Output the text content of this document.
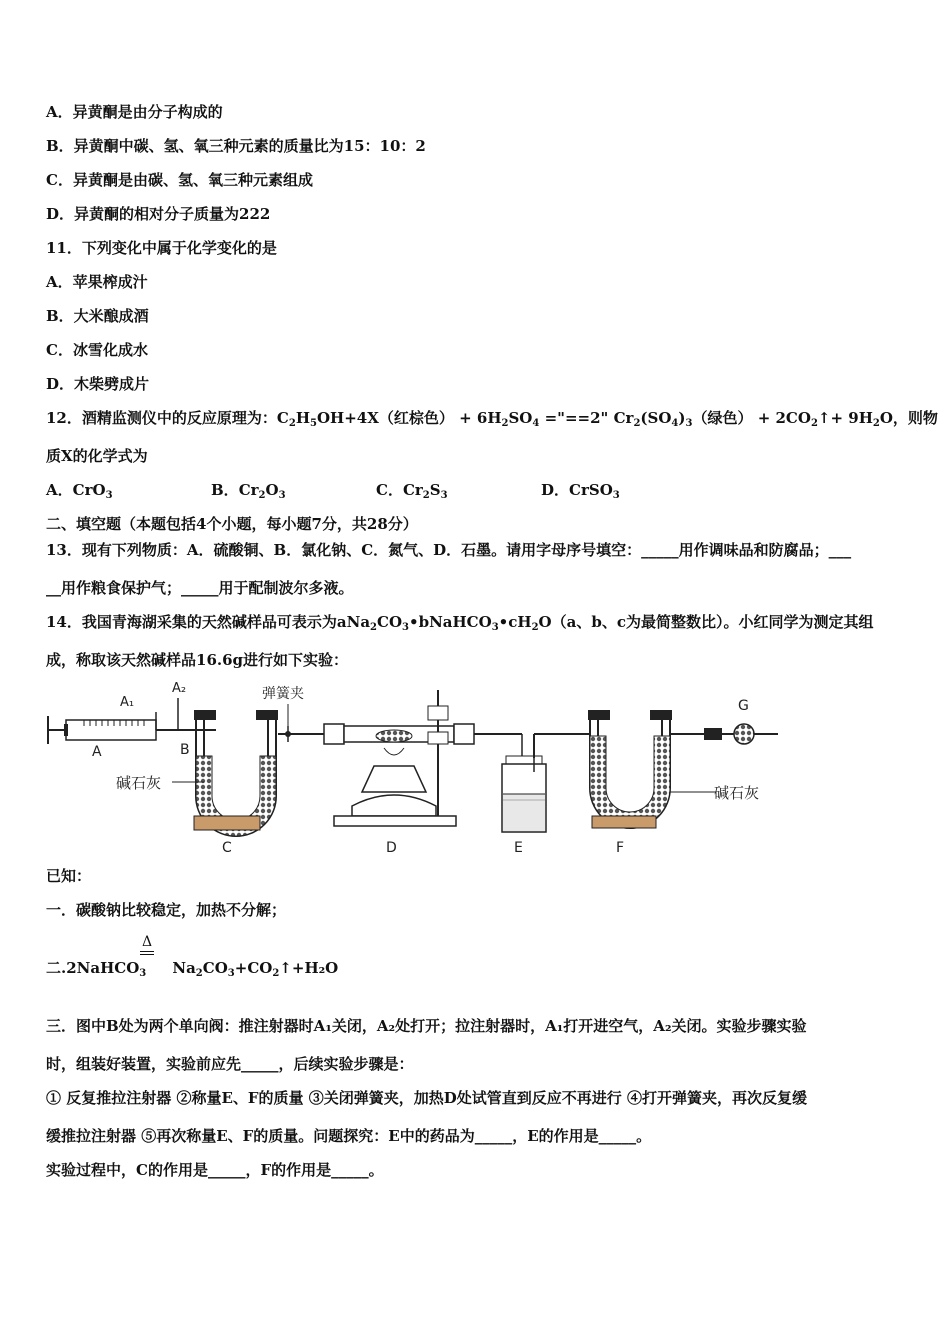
A．异黄酮是由分子构成的
B．异黄酮中碳、氢、氧三种元素的质量比为15：10：2
C．异黄酮是由碳、氢、氧三种元素组成
D．异黄酮的相对分子质量为222
11．下列变化中属于化学变化的是
A．苹果榨成汁
B．大米酿成酒
C．冰雪化成水
D．木柴劈成片
12．酒精监测仪中的反应原理为：$C_2H_5OH+4X$（红棕色） + $6H_2SO_4$ ="==2" $Cr_2(SO_4)_3$（绿色） + $2CO_2↑+ 9H_2O$，则物
质X的化学式为
A．CrO$_3$	B．$Cr_2O_3$	C．$Cr_2S_3$	D．CrSO$_3$
二、填空题（本题包括4个小题，每小题7分，共28分）
13．现有下列物质：A．硫酸铜、B．氯化钠、C．氮气、D．石墨。请用字母序号填空：_____用作调味品和防腐品；___
__用作粮食保护气；_____用于配制波尔多液。
14．我国青海湖采集的天然碱样品可表示为$aNa_2CO_3•bNaHCO_3•cH_2O(a$、b、c为最简整数比）。小红同学为测定其组
成，称取该天然碱样品16.6g进行如下实验：
A₁
A₂
A	B
碱石灰
C
弹簧夹
D	E	F
碱石灰
G
已知：
一．碳酸钠比较稳定，加热不分解；
Δ
二.2NaHCO$_3$     $Na_2CO_3+CO_2↑+H_2O$
三．图中B处为两个单向阀：推注射器时A₁关闭，A₂处打开；拉注射器时，A₁打开进空气，A₂关闭。实验步骤实验
时，组装好装置，实验前应先_____，后续实验步骤是：
① 反复推拉注射器 ②称量E、F的质量 ③关闭弹簧夹，加热D处试管直到反应不再进行 ④打开弹簧夹，再次反复缓
缓推拉注射器 ⑤再次称量E、F的质量。问题探究：E中的药品为_____，E的作用是_____。
实验过程中，C的作用是_____，F的作用是_____。
